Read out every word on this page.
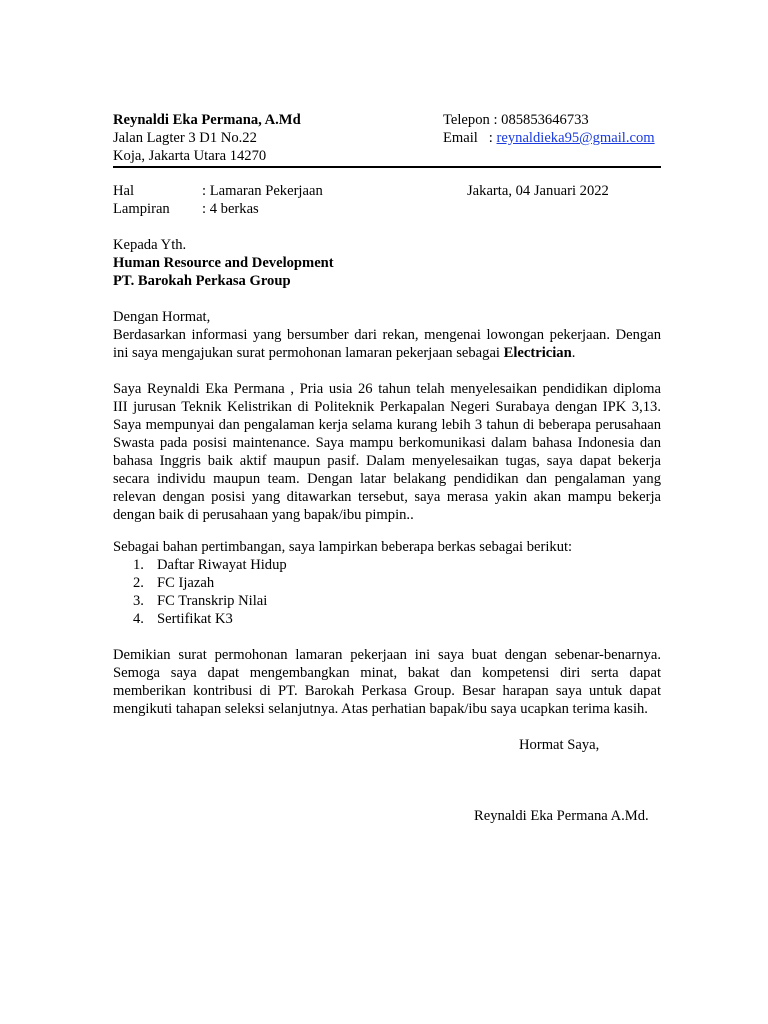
Reynaldi Eka Permana, A.Md
Jalan Lagter 3 D1 No.22
Koja, Jakarta Utara 14270
Telepon : 085853646733
Email   : reynaldieka95@gmail.com
Hal	: Lamaran Pekerjaan
Lampiran : 4 berkas
Jakarta, 04 Januari 2022
Kepada Yth.
Human Resource and Development
PT. Barokah Perkasa Group
Dengan Hormat,
Berdasarkan informasi yang bersumber dari rekan, mengenai lowongan pekerjaan. Dengan
ini saya mengajukan surat permohonan lamaran pekerjaan sebagai Electrician.
Saya Reynaldi Eka Permana , Pria usia 26 tahun telah menyelesaikan pendidikan diploma
III jurusan Teknik Kelistrikan di Politeknik Perkapalan Negeri Surabaya dengan IPK 3,13.
Saya mempunyai dan pengalaman kerja selama kurang lebih 3 tahun di beberapa perusahaan
Swasta pada posisi maintenance. Saya mampu berkomunikasi dalam bahasa Indonesia dan
bahasa Inggris baik aktif maupun pasif. Dalam menyelesaikan tugas, saya dapat bekerja
secara individu maupun team. Dengan latar belakang pendidikan dan pengalaman yang
relevan dengan posisi yang ditawarkan tersebut, saya merasa yakin akan mampu bekerja
dengan baik di perusahaan yang bapak/ibu pimpin..
Sebagai bahan pertimbangan, saya lampirkan beberapa berkas sebagai berikut:
1. Daftar Riwayat Hidup
2. FC Ijazah
3. FC Transkrip Nilai
4. Sertifikat K3
Demikian surat permohonan lamaran pekerjaan ini saya buat dengan sebenar-benarnya.
Semoga saya dapat mengembangkan minat, bakat dan kompetensi diri serta dapat
memberikan kontribusi di PT. Barokah Perkasa Group. Besar harapan saya untuk dapat
mengikuti tahapan seleksi selanjutnya. Atas perhatian bapak/ibu saya ucapkan terima kasih.
Hormat Saya,
Reynaldi Eka Permana A.Md.
